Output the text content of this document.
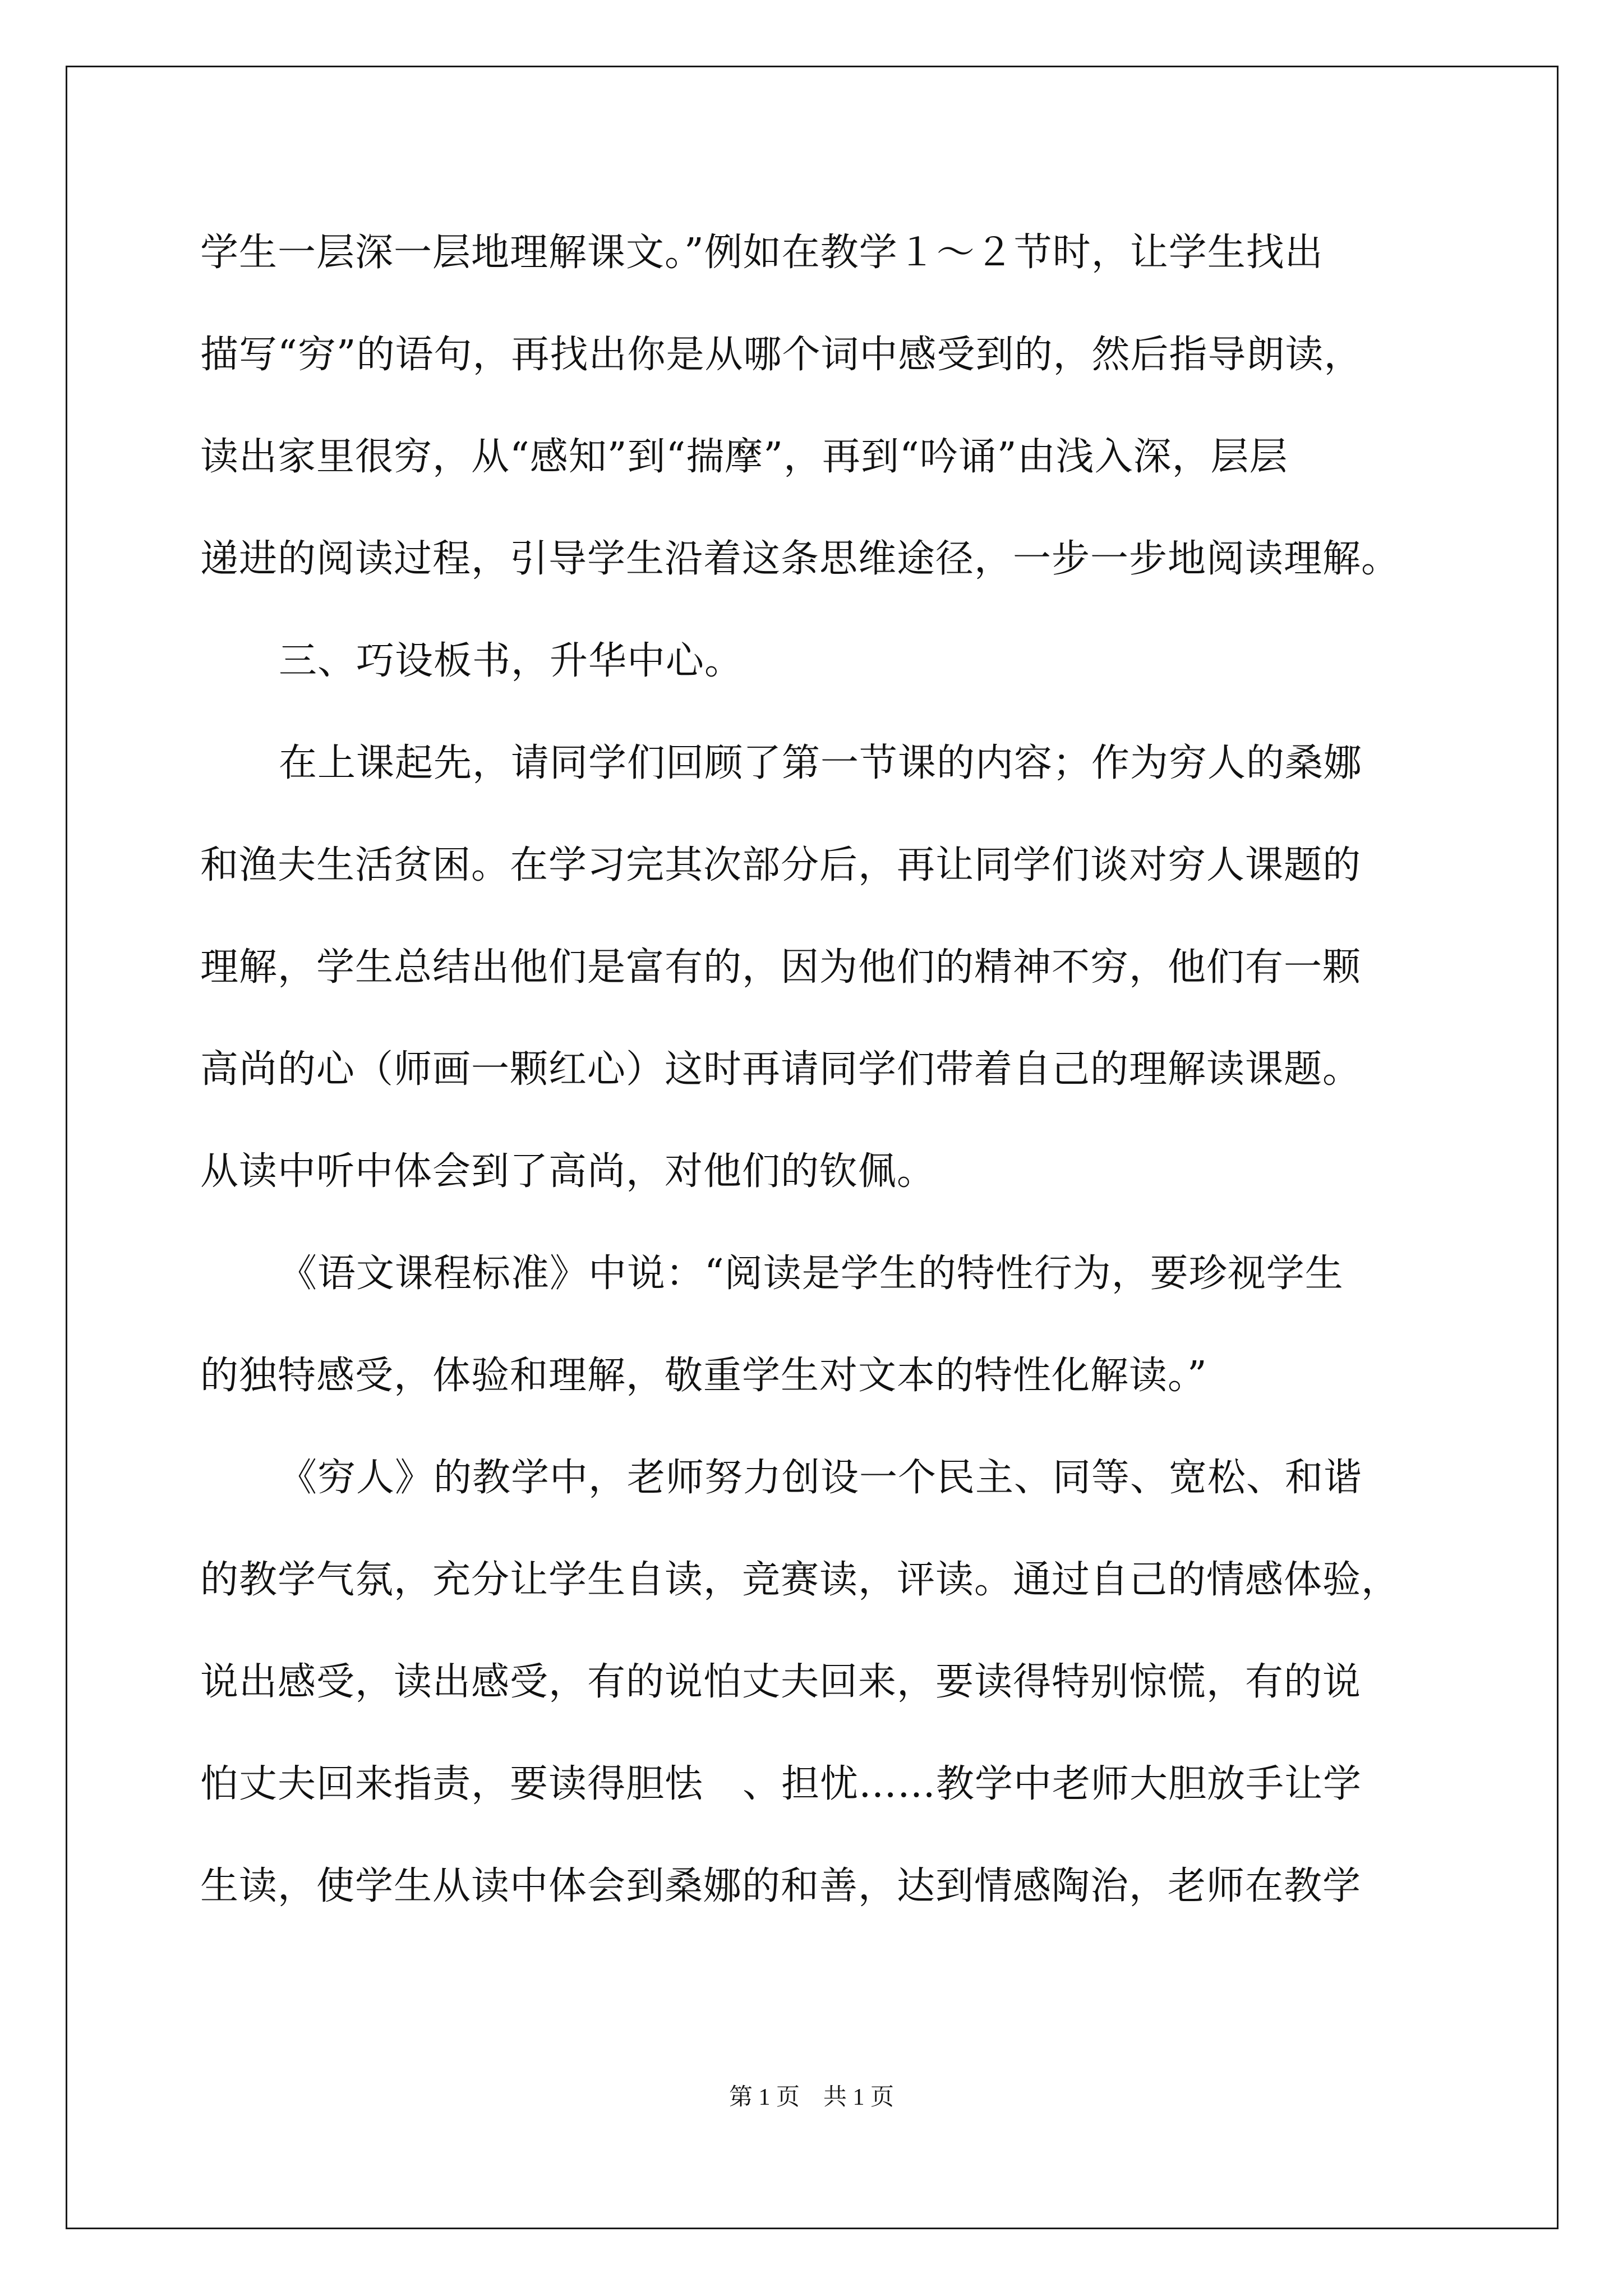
学生一层深一层地理解课文。”例如在教学１～２节时，让学生找出
描写“穷”的语句，再找出你是从哪个词中感受到的，然后指导朗读，
读出家里很穷，从“感知”到“揣摩”，再到“吟诵”由浅入深，层层
递进的阅读过程，引导学生沿着这条思维途径，一步一步地阅读理解。
三、巧设板书，升华中心。
在上课起先，请同学们回顾了第一节课的内容；作为穷人的桑娜
和渔夫生活贫困。在学习完其次部分后，再让同学们谈对穷人课题的
理解，学生总结出他们是富有的，因为他们的精神不穷，他们有一颗
高尚的心（师画一颗红心）这时再请同学们带着自己的理解读课题。
从读中听中体会到了高尚，对他们的钦佩。
《语文课程标准》中说：“阅读是学生的特性行为，要珍视学生
的独特感受，体验和理解，敬重学生对文本的特性化解读。”
《穷人》的教学中，老师努力创设一个民主、同等、宽松、和谐
的教学气氛，充分让学生自读，竞赛读，评读。通过自己的情感体验，
说出感受，读出感受，有的说怕丈夫回来，要读得特别惊慌，有的说
怕丈夫回来指责，要读得胆怯 、担忧……教学中老师大胆放手让学
生读，使学生从读中体会到桑娜的和善，达到情感陶治，老师在教学
第 1 页    共 1 页
